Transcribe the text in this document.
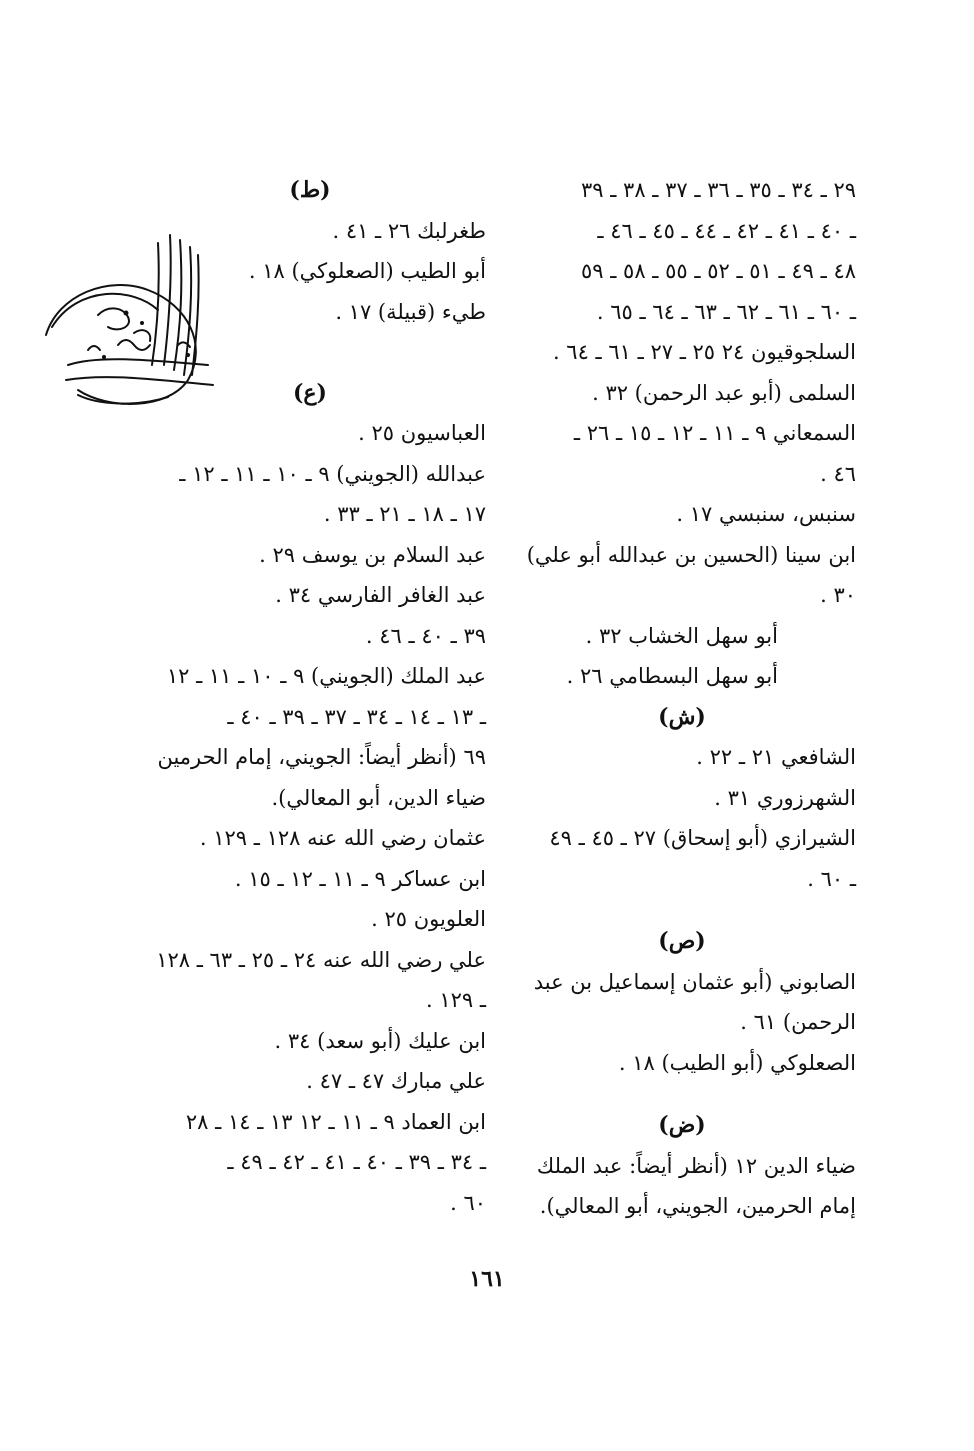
٢٩ ـ ٣٤ ـ ٣٥ ـ ٣٦ ـ ٣٧ ـ ٣٨ ـ ٣٩
ـ ٤٠ ـ ٤١ ـ ٤٢ ـ ٤٤ ـ ٤٥ ـ ٤٦ ـ
٤٨ ـ ٤٩ ـ ٥١ ـ ٥٢ ـ ٥٥ ـ ٥٨ ـ ٥٩
ـ ٦٠ ـ ٦١ ـ ٦٢ ـ ٦٣ ـ ٦٤ ـ ٦٥ .
السلجوقيون ٢٤ ٢٥ ـ ٢٧ ـ ٦١ ـ ٦٤ .
السلمى (أبو عبد الرحمن) ٣٢ .
السمعاني ٩ ـ ١١ ـ ١٢ ـ ١٥ ـ ٢٦ ـ
٤٦ .
سنبس، سنبسي ١٧ .
ابن سينا (الحسين بن عبدالله أبو علي)
٣٠ .
أبو سهل الخشاب ٣٢ .
أبو سهل البسطامي ٢٦ .
(ش)
الشافعي ٢١ ـ ٢٢ .
الشهرزوري ٣١ .
الشيرازي (أبو إسحاق) ٢٧ ـ ٤٥ ـ ٤٩
ـ ٦٠ .
(ص)
الصابوني (أبو عثمان إسماعيل بن عبد
الرحمن) ٦١ .
الصعلوكي (أبو الطيب) ١٨ .
(ض)
ضياء الدين ١٢ (أنظر أيضاً: عبد الملك
إمام الحرمين، الجويني، أبو المعالي).
(ط)
طغرلبك ٢٦ ـ ٤١ .
أبو الطيب (الصعلوكي) ١٨ .
طيء (قبيلة) ١٧ .
(ع)
العباسيون ٢٥ .
عبدالله (الجويني) ٩ ـ ١٠ ـ ١١ ـ ١٢ ـ
١٧ ـ ١٨ ـ ٢١ ـ ٣٣ .
عبد السلام بن يوسف ٢٩ .
عبد الغافر الفارسي ٣٤ .
٣٩ ـ ٤٠ ـ ٤٦ .
عبد الملك (الجويني) ٩ ـ ١٠ ـ ١١ ـ ١٢
ـ ١٣ ـ ١٤ ـ ٣٤ ـ ٣٧ ـ ٣٩ ـ ٤٠ ـ
٦٩ (أنظر أيضاً: الجويني، إمام الحرمين
ضياء الدين، أبو المعالي).
عثمان رضي الله عنه ١٢٨ ـ ١٢٩ .
ابن عساكر ٩ ـ ١١ ـ ١٢ ـ ١٥ .
العلويون ٢٥ .
علي رضي الله عنه ٢٤ ـ ٢٥ ـ ٦٣ ـ ١٢٨
ـ ١٢٩ .
ابن عليك (أبو سعد) ٣٤ .
علي مبارك ٤٧ ـ ٤٧ .
ابن العماد ٩ ـ ١١ ـ ١٢ ١٣ ـ ١٤ ـ ٢٨
ـ ٣٤ ـ ٣٩ ـ ٤٠ ـ ٤١ ـ ٤٢ ـ ٤٩ ـ
٦٠ .
١٦١
